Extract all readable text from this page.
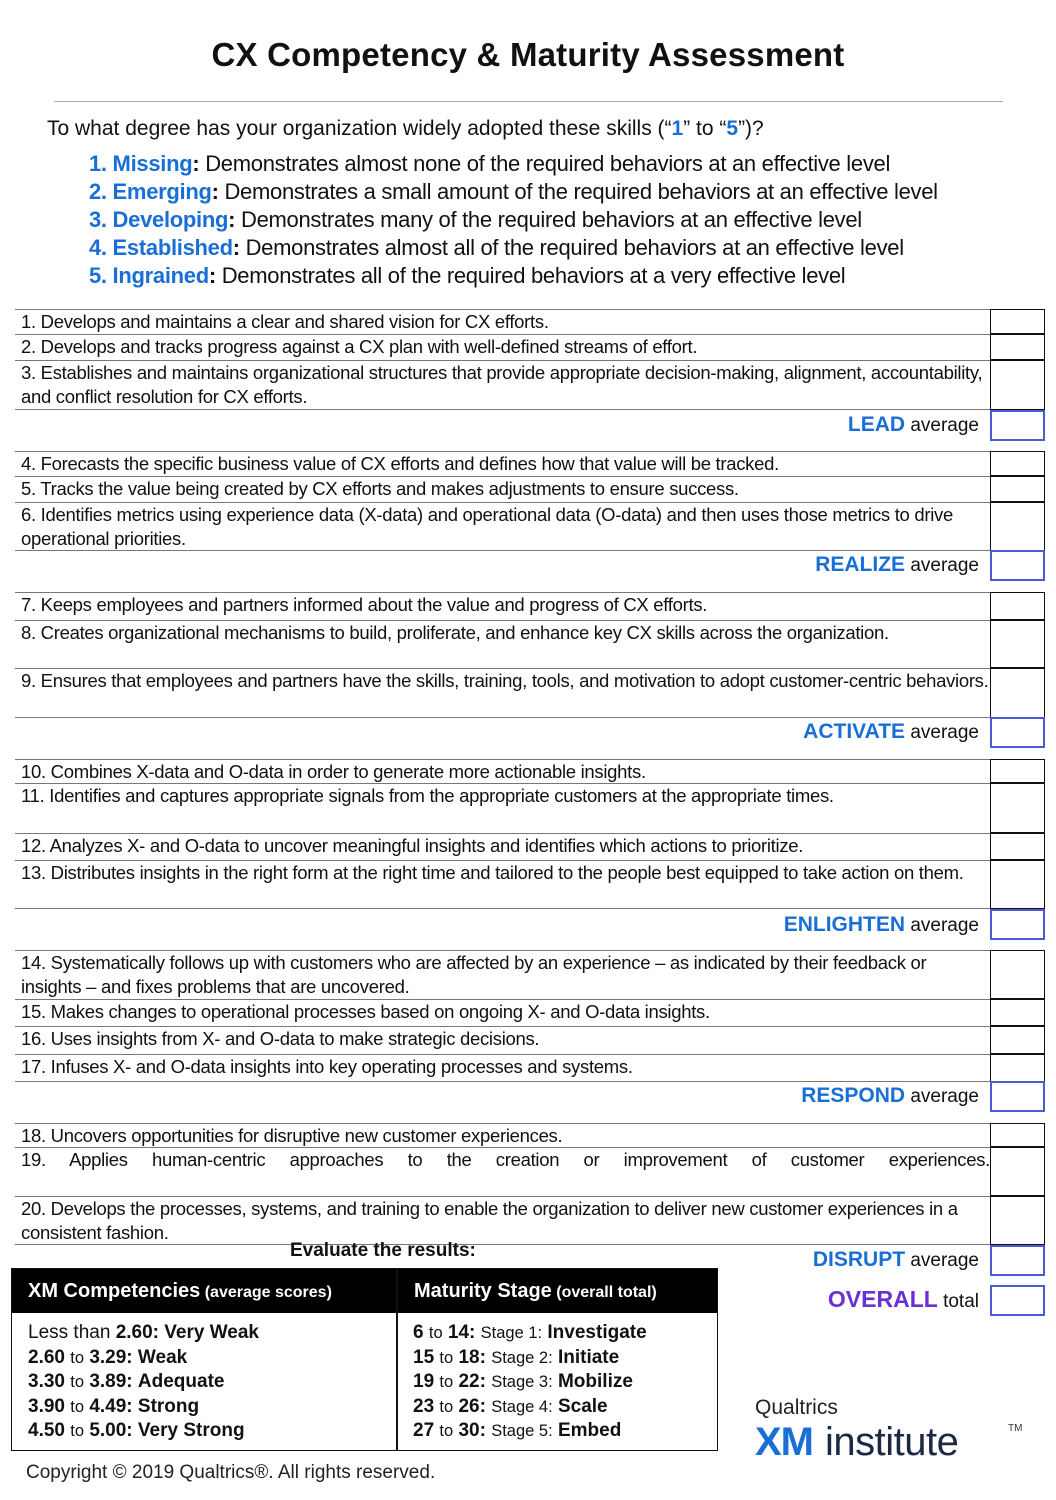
CX Competency & Maturity Assessment
To what degree has your organization widely adopted these skills (“1” to “5”)?
1. Missing: Demonstrates almost none of the required behaviors at an effective level
2. Emerging: Demonstrates a small amount of the required behaviors at an effective level
3. Developing: Demonstrates many of the required behaviors at an effective level
4. Established: Demonstrates almost all of the required behaviors at an effective level
5. Ingrained: Demonstrates all of the required behaviors at a very effective level
1. Develops and maintains a clear and shared vision for CX efforts.
2. Develops and tracks progress against a CX plan with well-defined streams of effort.
3. Establishes and maintains organizational structures that provide appropriate decision-making, alignment, accountability, and conflict resolution for CX efforts.
LEAD average
4. Forecasts the specific business value of CX efforts and defines how that value will be tracked.
5. Tracks the value being created by CX efforts and makes adjustments to ensure success.
6. Identifies metrics using experience data (X-data) and operational data (O-data) and then uses those metrics to drive operational priorities.
REALIZE average
7. Keeps employees and partners informed about the value and progress of CX efforts.
8. Creates organizational mechanisms to build, proliferate, and enhance key CX skills across the organization.
9. Ensures that employees and partners have the skills, training, tools, and motivation to adopt customer-centric behaviors.
ACTIVATE average
10. Combines X-data and O-data in order to generate more actionable insights.
11. Identifies and captures appropriate signals from the appropriate customers at the appropriate times.
12. Analyzes X- and O-data to uncover meaningful insights and identifies which actions to prioritize.
13. Distributes insights in the right form at the right time and tailored to the people best equipped to take action on them.
ENLIGHTEN average
14. Systematically follows up with customers who are affected by an experience – as indicated by their feedback or insights – and fixes problems that are uncovered.
15. Makes changes to operational processes based on ongoing X- and O-data insights.
16. Uses insights from X- and O-data to make strategic decisions.
17. Infuses X- and O-data insights into key operating processes and systems.
RESPOND average
18. Uncovers opportunities for disruptive new customer experiences.
19. Applies human-centric approaches to the creation or improvement of customer experiences.
20. Develops the processes, systems, and training to enable the organization to deliver new customer experiences in a consistent fashion.
DISRUPT average
OVERALL total
Evaluate the results:
XM Competencies (average scores)	Maturity Stage (overall total)
Less than 2.60: Very Weak
2.60 to 3.29: Weak
3.30 to 3.89: Adequate
3.90 to 4.49: Strong
4.50 to 5.00: Very Strong
6 to 14: Stage 1: Investigate
15 to 18: Stage 2: Initiate
19 to 22: Stage 3: Mobilize
23 to 26: Stage 4: Scale
27 to 30: Stage 5: Embed
Qualtrics
XM institute	TM
Copyright © 2019 Qualtrics®. All rights reserved.
